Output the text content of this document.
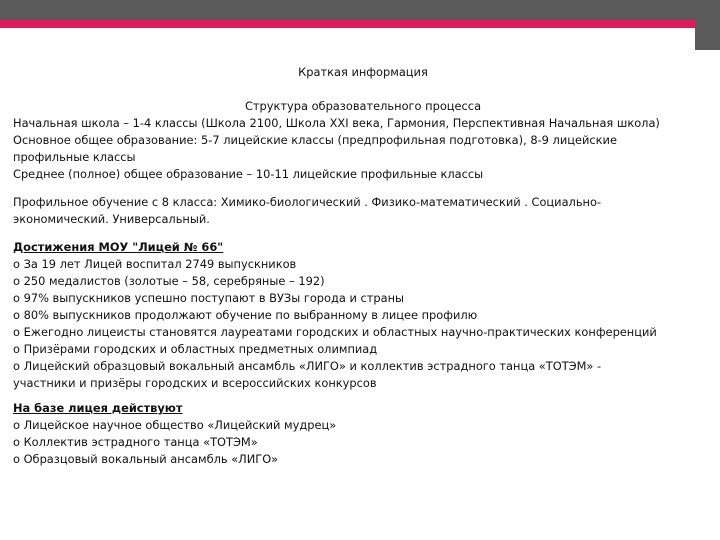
Краткая информация
Структура образовательного процесса
Начальная школа – 1-4 классы (Школа 2100, Школа XXI века, Гармония, Перспективная Начальная школа)
Основное общее образование: 5-7 лицейские классы (предпрофильная подготовка), 8-9 лицейские
профильные классы
Среднее (полное) общее образование – 10-11 лицейские профильные классы
Профильное обучение с 8 класса: Химико-биологический . Физико-математический . Социально-
экономический. Универсальный.
Достижения МОУ "Лицей № 66"
o За 19 лет Лицей воспитал 2749 выпускников
o 250 медалистов (золотые – 58, серебряные – 192)
o 97% выпускников успешно поступают в ВУЗы города и страны
o 80% выпускников продолжают обучение по выбранному в лицее профилю
o Ежегодно лицеисты становятся лауреатами городских и областных научно-практических конференций
o Призёрами городских и областных предметных олимпиад
o Лицейский образцовый вокальный ансамбль «ЛИГО» и коллектив эстрадного танца «ТОТЭМ» -
участники и призёры городских и всероссийских конкурсов
На базе лицея действуют
o Лицейское научное общество «Лицейский мудрец»
o Коллектив эстрадного танца «ТОТЭМ»
o Образцовый вокальный ансамбль «ЛИГО»
